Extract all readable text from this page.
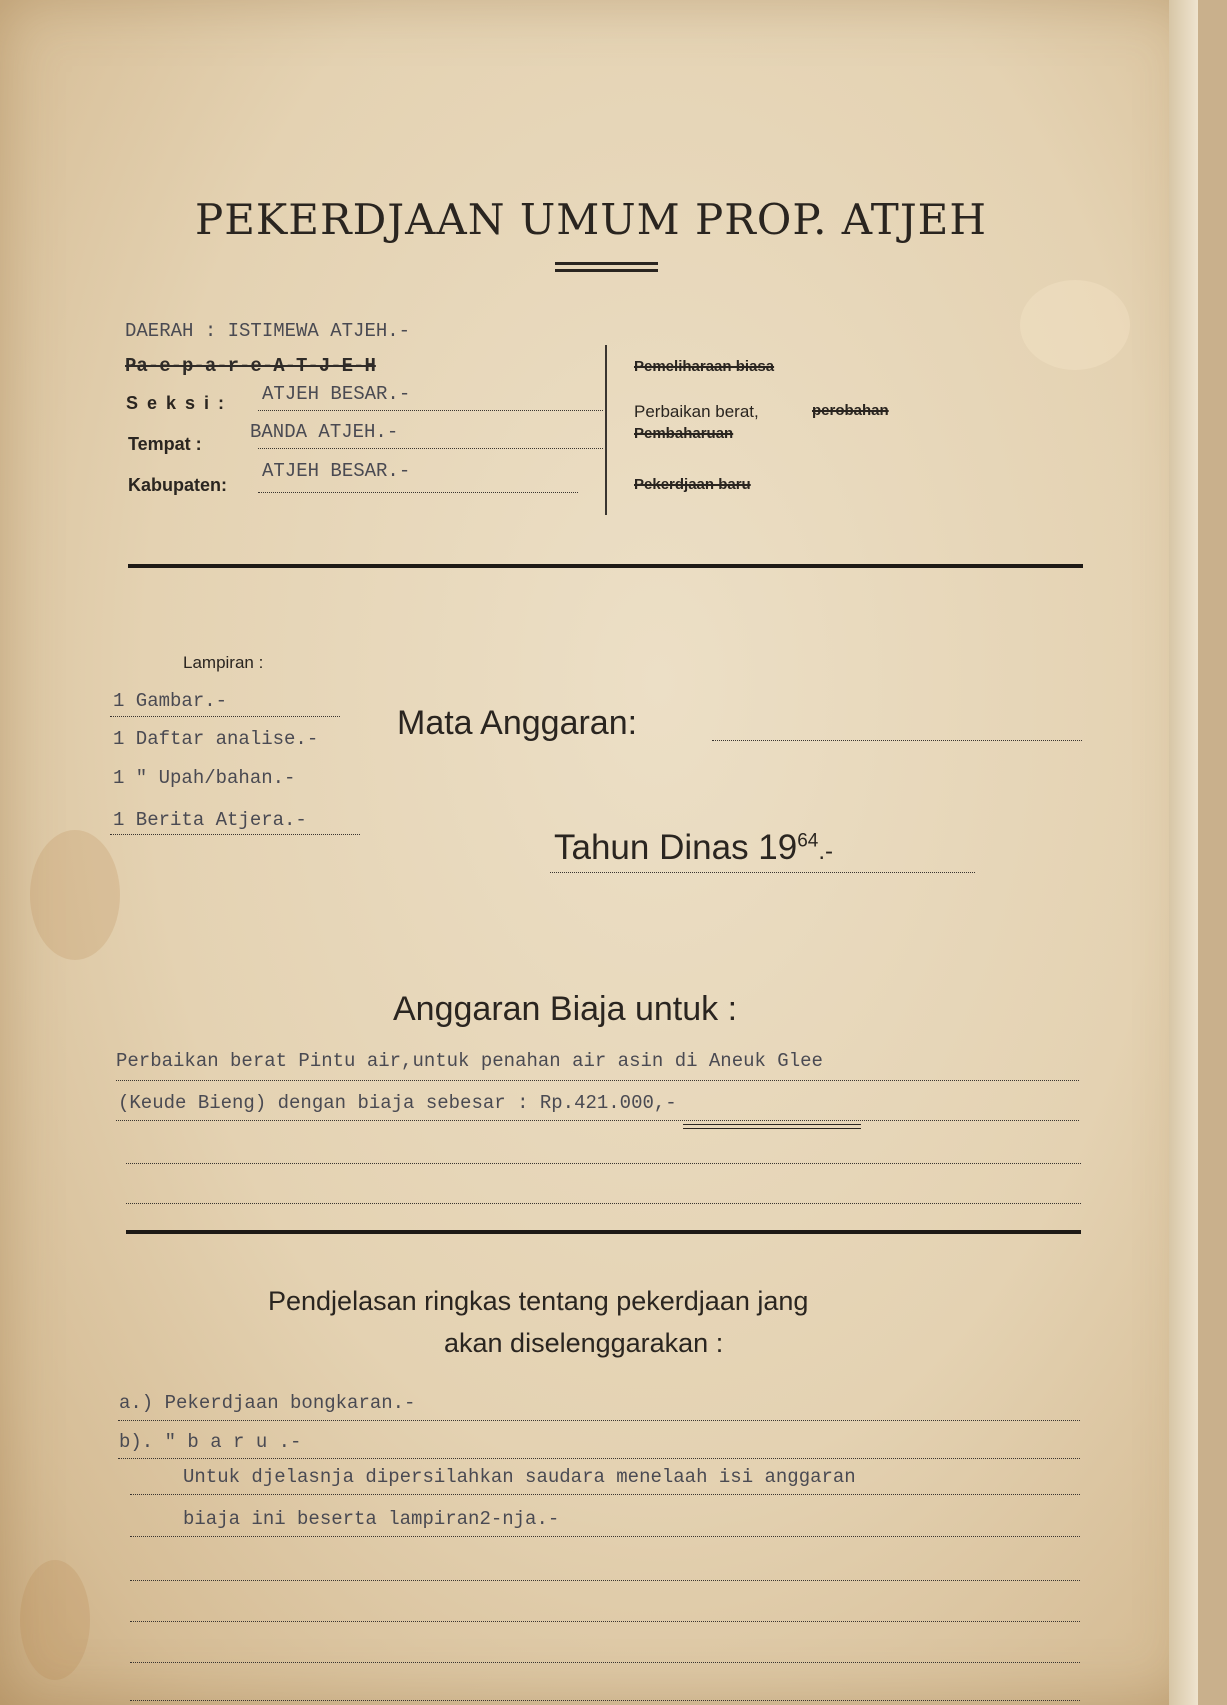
PEKERDJAAN UMUM PROP. ATJEH
DAERAH : ISTIMEWA ATJEH.-
Pa-e-p-a-r-e-A-T-J-E-H
S e k s i : ATJEH BESAR.-
Tempat :
BANDA ATJEH.-
Kabupaten:
ATJEH BESAR.-
Pemeliharaan biasa
Perbaikan berat,	perobahan
Pembaharuan
Pekerdjaan baru
Lampiran :
1 Gambar.-
1 Daftar analise.-
1 " Upah/bahan.-
1 Berita Atjera.-
Mata Anggaran:
Tahun Dinas $19^{64}.-$
Anggaran Biaja untuk :
Perbaikan berat Pintu air,untuk penahan air asin di Aneuk Glee
(Keude Bieng) dengan biaja sebesar : Rp.421.000,-
Pendjelasan ringkas tentang pekerdjaan jang
akan diselenggarakan :
a.) Pekerdjaan bongkaran.-
b). " b a r u .-
Untuk djelasnja dipersilahkan saudara menelaah isi anggaran
biaja ini beserta lampiran2-nja.-
